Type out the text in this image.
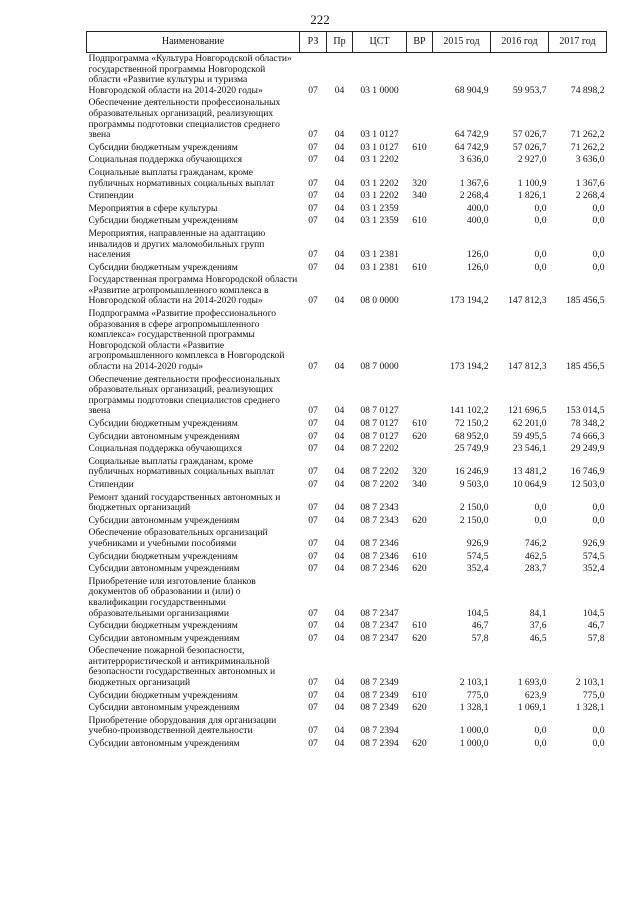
222
Наименование	РЗ	Пр	ЦСТ	ВР	2015 год	2016 год	2017 год
Подпрограмма «Культура Новгородской области» государственной программы Новгородской области «Развитие культуры и туризма Новгородской области на 2014-2020 годы»	07	04	03 1 0000		68 904,9	59 953,7	74 898,2
Обеспечение деятельности профессиональных образовательных организаций, реализующих программы подготовки специалистов среднего звена	07	04	03 1 0127		64 742,9	57 026,7	71 262,2
Субсидии бюджетным учреждениям	07	04	03 1 0127	610	64 742,9	57 026,7	71 262,2
Социальная поддержка обучающихся	07	04	03 1 2202		3 636,0	2 927,0	3 636,0
Социальные выплаты гражданам, кроме публичных нормативных социальных выплат	07	04	03 1 2202	320	1 367,6	1 100,9	1 367,6
Стипендии	07	04	03 1 2202	340	2 268,4	1 826,1	2 268,4
Мероприятия в сфере культуры	07	04	03 1 2359		400,0	0,0	0,0
Субсидии бюджетным учреждениям	07	04	03 1 2359	610	400,0	0,0	0,0
Мероприятия, направленные на адаптацию инвалидов и других маломобильных групп населения	07	04	03 1 2381		126,0	0,0	0,0
Субсидии бюджетным учреждениям	07	04	03 1 2381	610	126,0	0,0	0,0
Государственная программа Новгородской области «Развитие агропромышленного комплекса в Новгородской области на 2014-2020 годы»	07	04	08 0 0000		173 194,2	147 812,3	185 456,5
Подпрограмма «Развитие профессионального образования в сфере агропромышленного комплекса» государственной программы Новгородской области «Развитие агропромышленного комплекса в Новгородской области на 2014-2020 годы»	07	04	08 7 0000		173 194,2	147 812,3	185 456,5
Обеспечение деятельности профессиональных образовательных организаций, реализующих программы подготовки специалистов среднего звена	07	04	08 7 0127		141 102,2	121 696,5	153 014,5
Субсидии бюджетным учреждениям	07	04	08 7 0127	610	72 150,2	62 201,0	78 348,2
Субсидии автономным учреждениям	07	04	08 7 0127	620	68 952,0	59 495,5	74 666,3
Социальная поддержка обучающихся	07	04	08 7 2202		25 749,9	23 546,1	29 249,9
Социальные выплаты гражданам, кроме публичных нормативных социальных выплат	07	04	08 7 2202	320	16 246,9	13 481,2	16 746,9
Стипендии	07	04	08 7 2202	340	9 503,0	10 064,9	12 503,0
Ремонт зданий государственных автономных и бюджетных организаций	07	04	08 7 2343		2 150,0	0,0	0,0
Субсидии автономным учреждениям	07	04	08 7 2343	620	2 150,0	0,0	0,0
Обеспечение образовательных организаций учебниками и учебными пособиями	07	04	08 7 2346		926,9	746,2	926,9
Субсидии бюджетным учреждениям	07	04	08 7 2346	610	574,5	462,5	574,5
Субсидии автономным учреждениям	07	04	08 7 2346	620	352,4	283,7	352,4
Приобретение или изготовление бланков документов об образовании и (или) о квалификации государственными образовательными организациями	07	04	08 7 2347		104,5	84,1	104,5
Субсидии бюджетным учреждениям	07	04	08 7 2347	610	46,7	37,6	46,7
Субсидии автономным учреждениям	07	04	08 7 2347	620	57,8	46,5	57,8
Обеспечение пожарной безопасности, антитеррористической и антикриминальной безопасности государственных автономных и бюджетных организаций	07	04	08 7 2349		2 103,1	1 693,0	2 103,1
Субсидии бюджетным учреждениям	07	04	08 7 2349	610	775,0	623,9	775,0
Субсидии автономным учреждениям	07	04	08 7 2349	620	1 328,1	1 069,1	1 328,1
Приобретение оборудования для организации учебно-производственной деятельности	07	04	08 7 2394		1 000,0	0,0	0,0
Субсидии автономным учреждениям	07	04	08 7 2394	620	1 000,0	0,0	0,0
